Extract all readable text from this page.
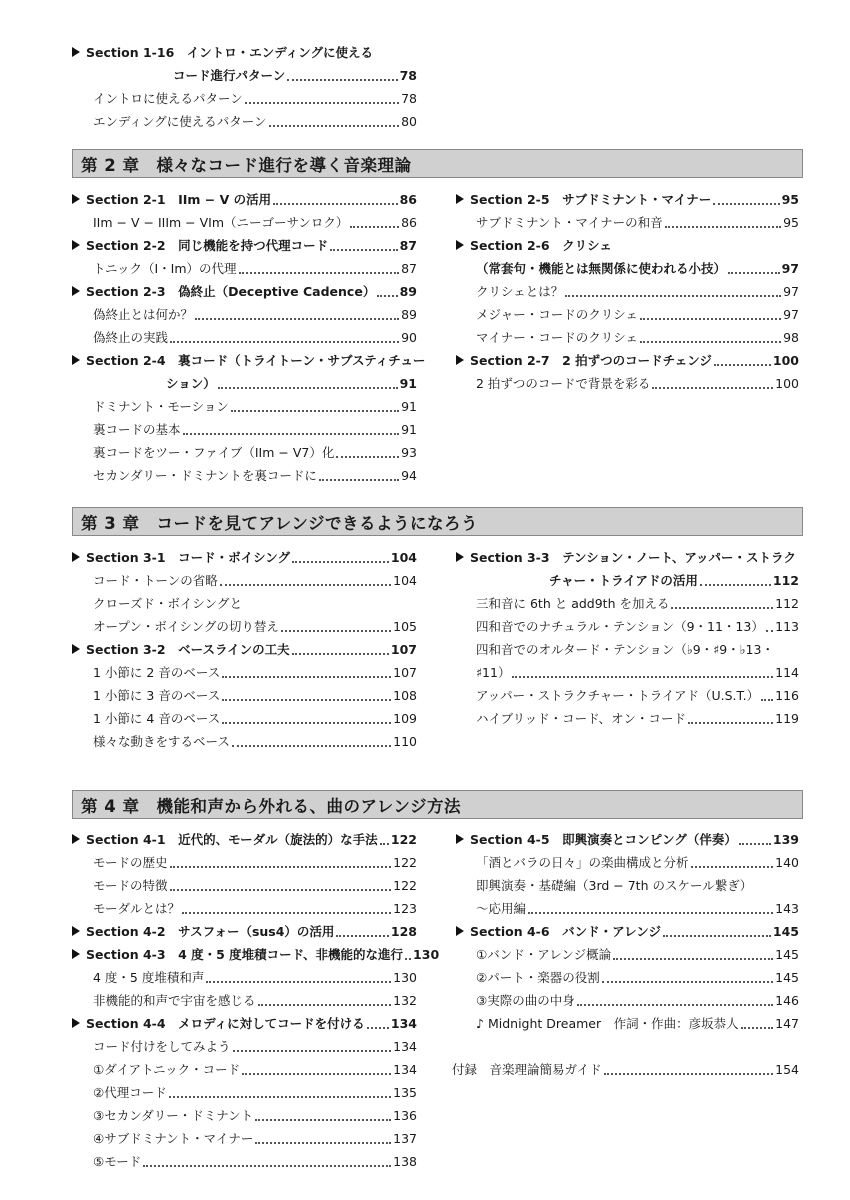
第 2 章　様々なコード進行を導く音楽理論
第 3 章　コードを見てアレンジできるようになろう
第 4 章　機能和声から外れる、曲のアレンジ方法
Section 1-16　イントロ・エンディングに使える
コード進行パターン	78
イントロに使えるパターン	78
エンディングに使えるパターン	80
Section 2-1　IIm − V の活用	86
IIm − V − IIIm − VIm（ニーゴーサンロク）	86
Section 2-2　同じ機能を持つ代理コード	87
トニック（I・Im）の代理	87
Section 2-3　偽終止（Deceptive Cadence） 89
偽終止とは何か？	89
偽終止の実践	90
Section 2-4　裏コード（トライトーン・サブスティチュー
ション）	91
ドミナント・モーション	91
裏コードの基本	91
裏コードをツー・ファイブ（IIm − V7）化	93
セカンダリー・ドミナントを裏コードに	94
Section 2-5　サブドミナント・マイナー	95
サブドミナント・マイナーの和音	95
Section 2-6　クリシェ
（常套句・機能とは無関係に使われる小技）	97
クリシェとは？	97
メジャー・コードのクリシェ	97
マイナー・コードのクリシェ	98
Section 2-7　2 拍ずつのコードチェンジ	100
2 拍ずつのコードで背景を彩る	100
Section 3-1　コード・ボイシング	104
コード・トーンの省略	104
クローズド・ボイシングと
オープン・ボイシングの切り替え	105
Section 3-2　ベースラインの工夫	107
1 小節に 2 音のベース	107
1 小節に 3 音のベース	108
1 小節に 4 音のベース	109
様々な動きをするベース	110
Section 3-3　テンション・ノート、アッパー・ストラク
チャー・トライアドの活用	112
三和音に 6th と add9th を加える	112
四和音でのナチュラル・テンション（9・11・13） 113
四和音でのオルタード・テンション（♭9・♯9・♭13・
♯11）	114
アッパー・ストラクチャー・トライアド（U.S.T.） 116
ハイブリッド・コード、オン・コード	119
Section 4-1　近代的、モーダル（旋法的）な手法 122
モードの歴史	122
モードの特徴	122
モーダルとは？	123
Section 4-2　サスフォー（sus4）の活用	128
Section 4-3　4 度・5 度堆積コード、非機能的な進行 130
4 度・5 度堆積和声	130
非機能的和声で宇宙を感じる	132
Section 4-4　メロディに対してコードを付ける 134
コード付けをしてみよう	134
①ダイアトニック・コード	134
②代理コード	135
③セカンダリー・ドミナント	136
④サブドミナント・マイナー	137
⑤モード	138
Section 4-5　即興演奏とコンピング（伴奏）	139
「酒とバラの日々」の楽曲構成と分析	140
即興演奏・基礎編（3rd − 7th のスケール繋ぎ）
〜応用編	143
Section 4-6　バンド・アレンジ	145
①バンド・アレンジ概論	145
②パート・楽器の役割	145
③実際の曲の中身	146
♪ Midnight Dreamer　作詞・作曲：彦坂恭人	147
付録　音楽理論簡易ガイド	154
